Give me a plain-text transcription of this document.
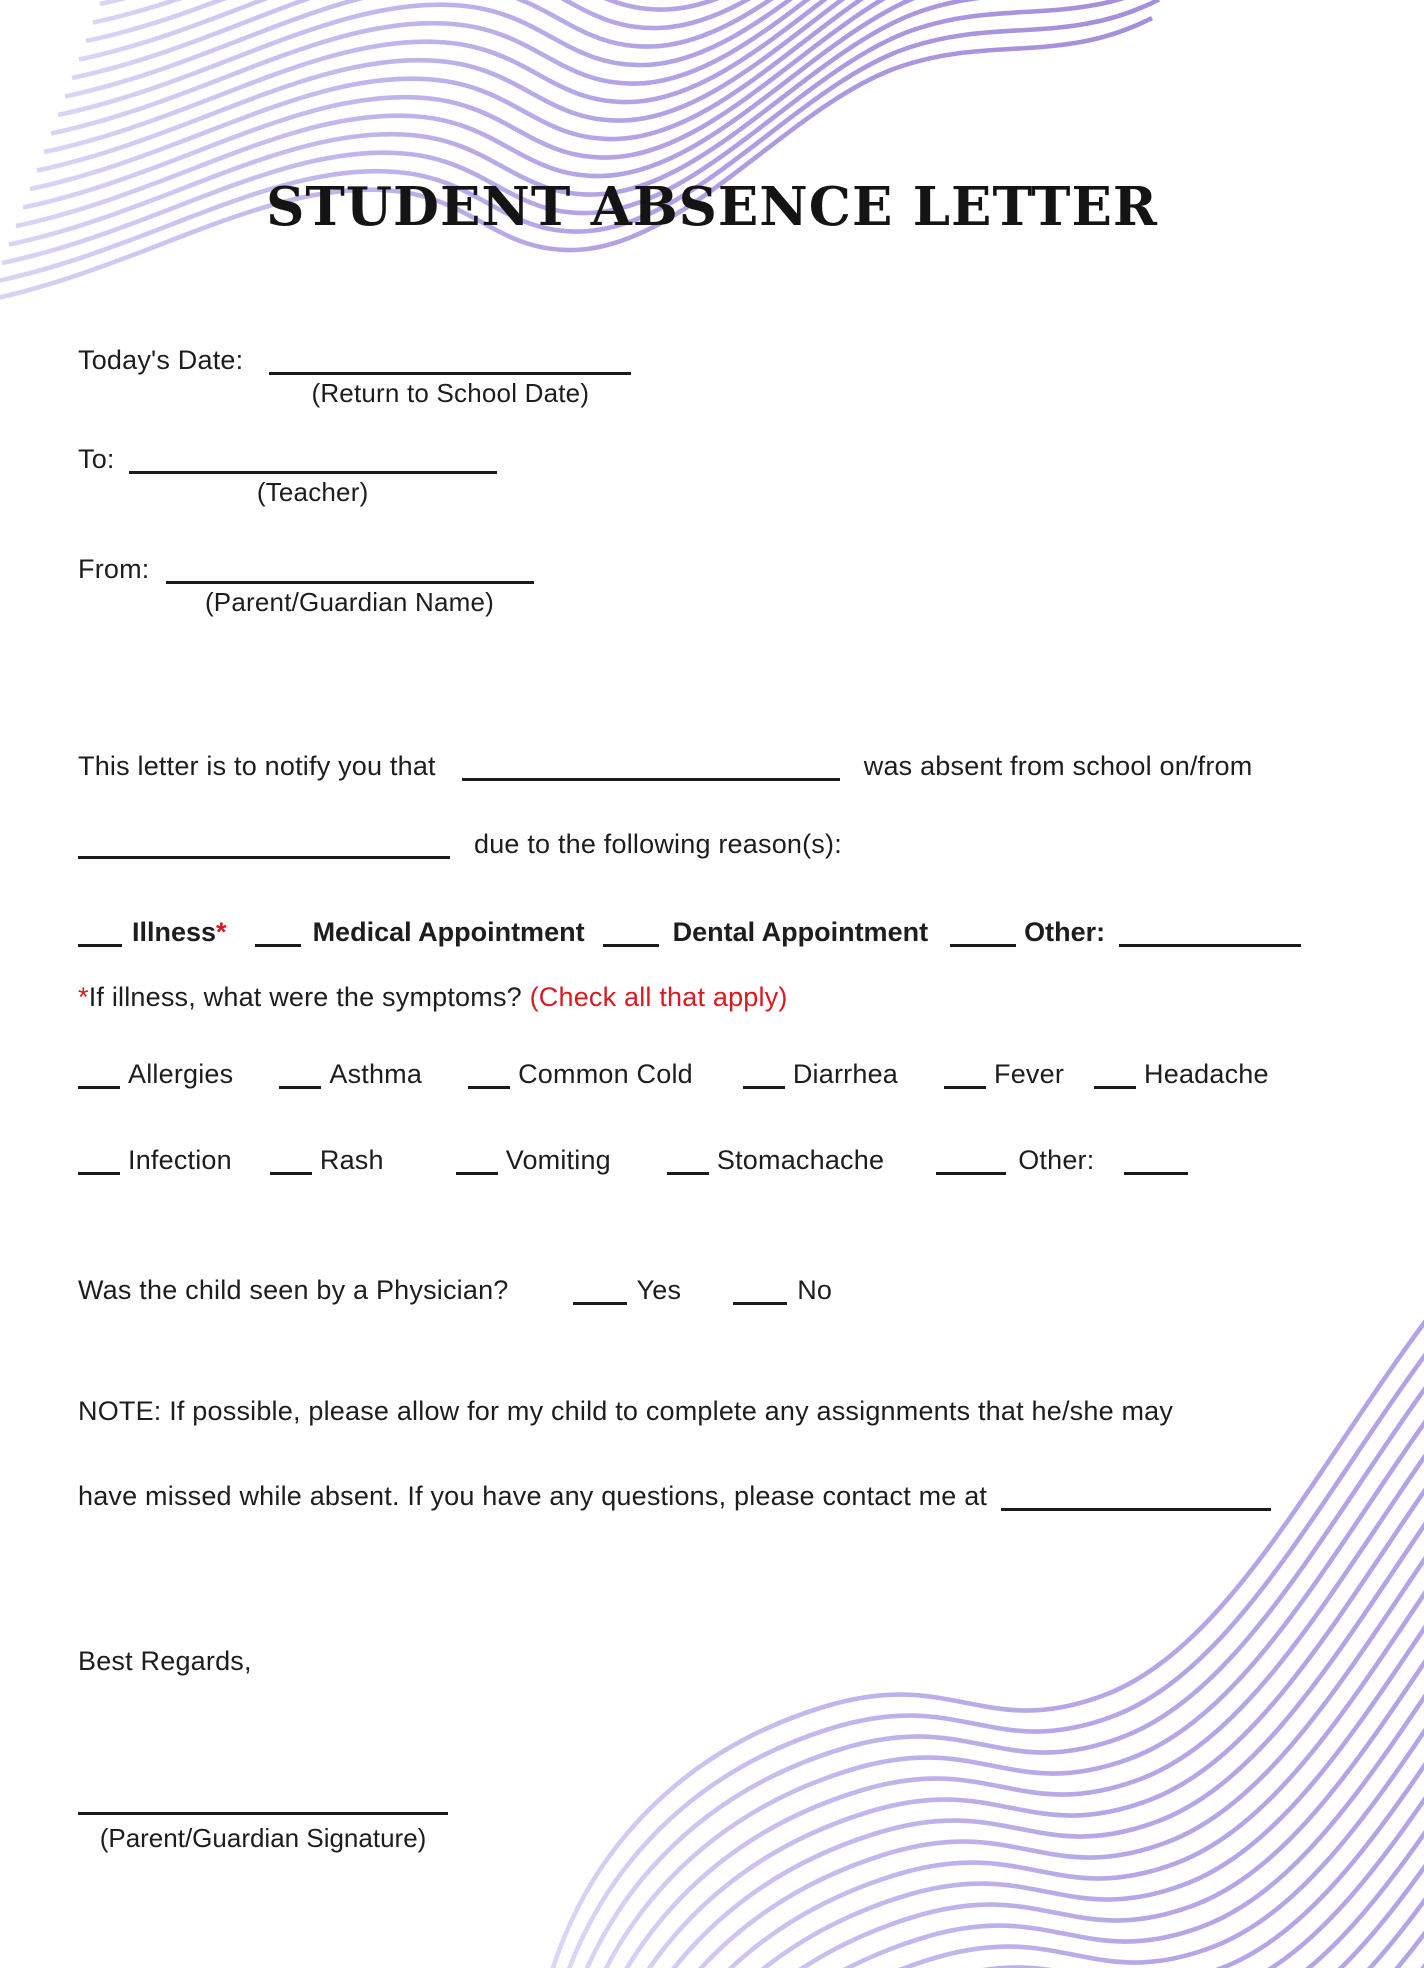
STUDENT ABSENCE LETTER
Today's Date:
(Return to School Date)
To:
(Teacher)
From:
(Parent/Guardian Name)
This letter is to notify you that	was absent from school on/from
due to the following reason(s):
Illness*	Medical Appointment	Dental Appointment	Other:
*If illness, what were the symptoms? (Check all that apply)
Allergies	Asthma	Common Cold	Diarrhea	Fever	Headache
Infection	Rash	Vomiting	Stomachache	Other:
Was the child seen by a Physician?	Yes	No
NOTE: If possible, please allow for my child to complete any assignments that he/she may
have missed while absent. If you have any questions, please contact me at
Best Regards,
(Parent/Guardian Signature)
